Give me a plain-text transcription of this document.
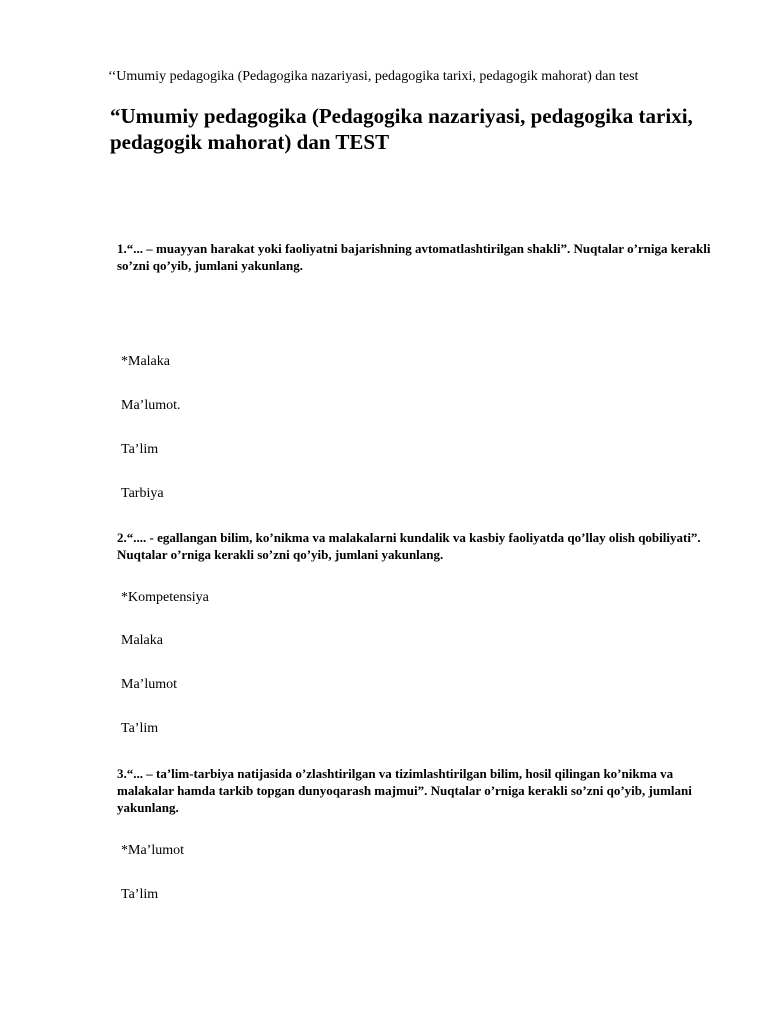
‘‘Umumiy pedagogika (Pedagogika nazariyasi, pedagogika tarixi, pedagogik mahorat) dan test
“Umumiy pedagogika (Pedagogika nazariyasi, pedagogika tarixi, pedagogik mahorat) dan TEST

1.“... – muayyan harakat yoki faoliyatni bajarishning avtomatlashtirilgan shakli”. Nuqtalar o’rniga kerakli so’zni qo’yib, jumlani yakunlang.

*Malaka
Ma’lumot.
Ta’lim
Tarbiya

2.“.... - egallangan bilim, ko’nikma va malakalarni kundalik va kasbiy faoliyatda qo’llay olish qobiliyati”. Nuqtalar o’rniga kerakli so’zni qo’yib, jumlani yakunlang.

*Kompetensiya
Malaka
Ma’lumot
Ta’lim

3.“... – ta’lim-tarbiya natijasida o’zlashtirilgan va tizimlashtirilgan bilim, hosil qilingan ko’nikma va malakalar hamda tarkib topgan dunyoqarash majmui”. Nuqtalar o’rniga kerakli so’zni qo’yib, jumlani yakunlang.

*Ma’lumot
Ta’lim
